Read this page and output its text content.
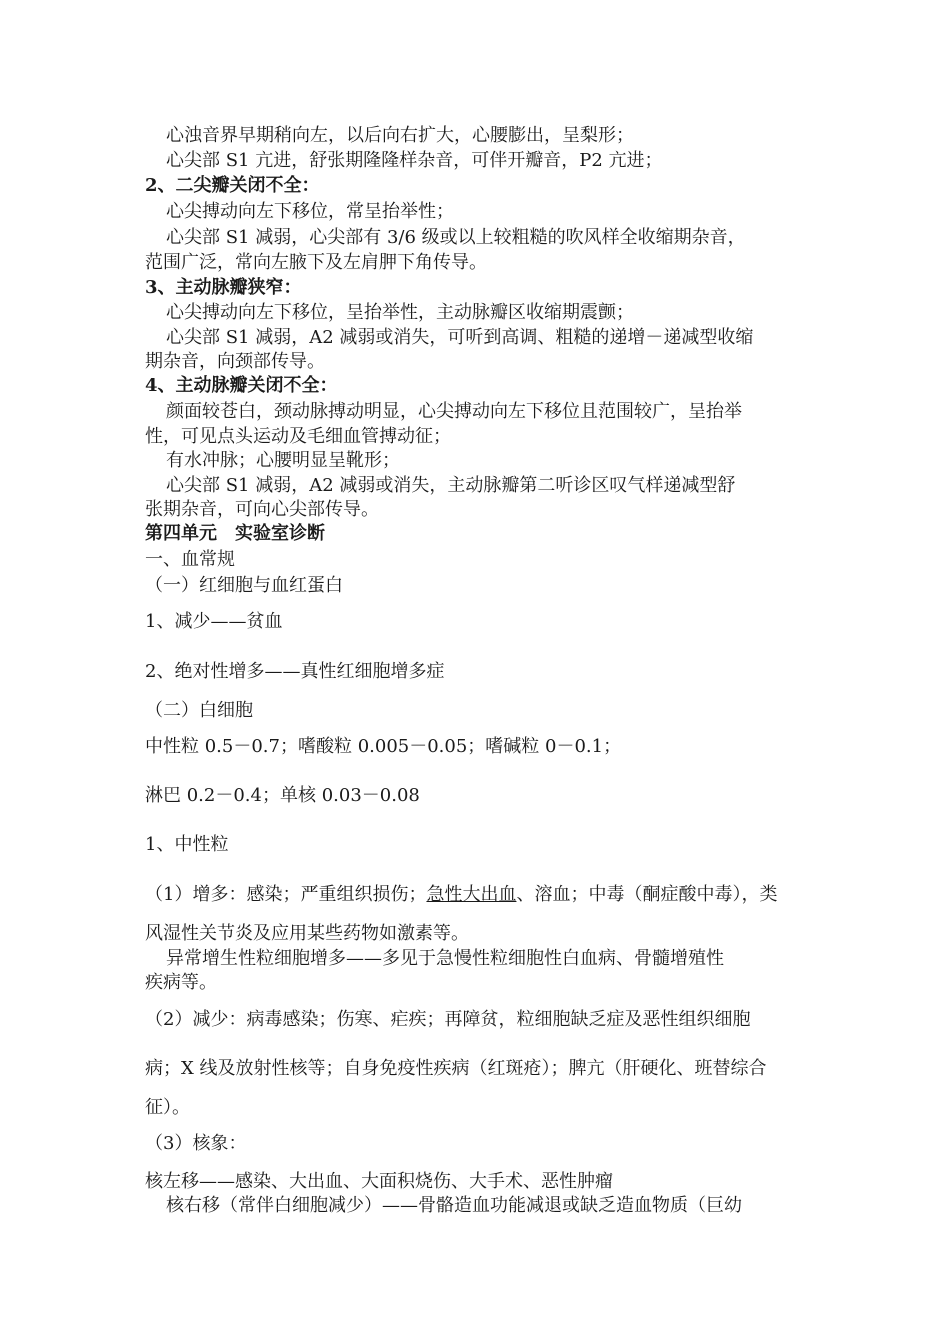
心浊音界早期稍向左，以后向右扩大，心腰膨出，呈梨形；
心尖部 S1 亢进，舒张期隆隆样杂音，可伴开瓣音，P2 亢进；
2、二尖瓣关闭不全：
心尖搏动向左下移位，常呈抬举性；
心尖部 S1 减弱，心尖部有 3/6 级或以上较粗糙的吹风样全收缩期杂音，
范围广泛，常向左腋下及左肩胛下角传导。
3、主动脉瓣狭窄：
心尖搏动向左下移位，呈抬举性，主动脉瓣区收缩期震颤；
心尖部 S1 减弱，A2 减弱或消失，可听到高调、粗糙的递增－递减型收缩
期杂音，向颈部传导。
4、主动脉瓣关闭不全：
颜面较苍白，颈动脉搏动明显，心尖搏动向左下移位且范围较广，呈抬举
性，可见点头运动及毛细血管搏动征；
有水冲脉；心腰明显呈靴形；
心尖部 S1 减弱，A2 减弱或消失，主动脉瓣第二听诊区叹气样递减型舒
张期杂音，可向心尖部传导。
第四单元　实验室诊断
一、血常规
（一）红细胞与血红蛋白
1、减少——贫血
2、绝对性增多——真性红细胞增多症
（二）白细胞
中性粒 0.5－0.7；嗜酸粒 0.005－0.05；嗜碱粒 0－0.1；
淋巴 0.2－0.4；单核 0.03－0.08
1、中性粒
（1）增多：感染；严重组织损伤；急性大出血、溶血；中毒（酮症酸中毒），类
风湿性关节炎及应用某些药物如激素等。
异常增生性粒细胞增多——多见于急慢性粒细胞性白血病、骨髓增殖性
疾病等。
（2）减少：病毒感染；伤寒、疟疾；再障贫，粒细胞缺乏症及恶性组织细胞
病；X 线及放射性核等；自身免疫性疾病（红斑疮）；脾亢（肝硬化、班替综合
征）。
（3）核象：
核左移——感染、大出血、大面积烧伤、大手术、恶性肿瘤
核右移（常伴白细胞减少）——骨骼造血功能减退或缺乏造血物质（巨幼
